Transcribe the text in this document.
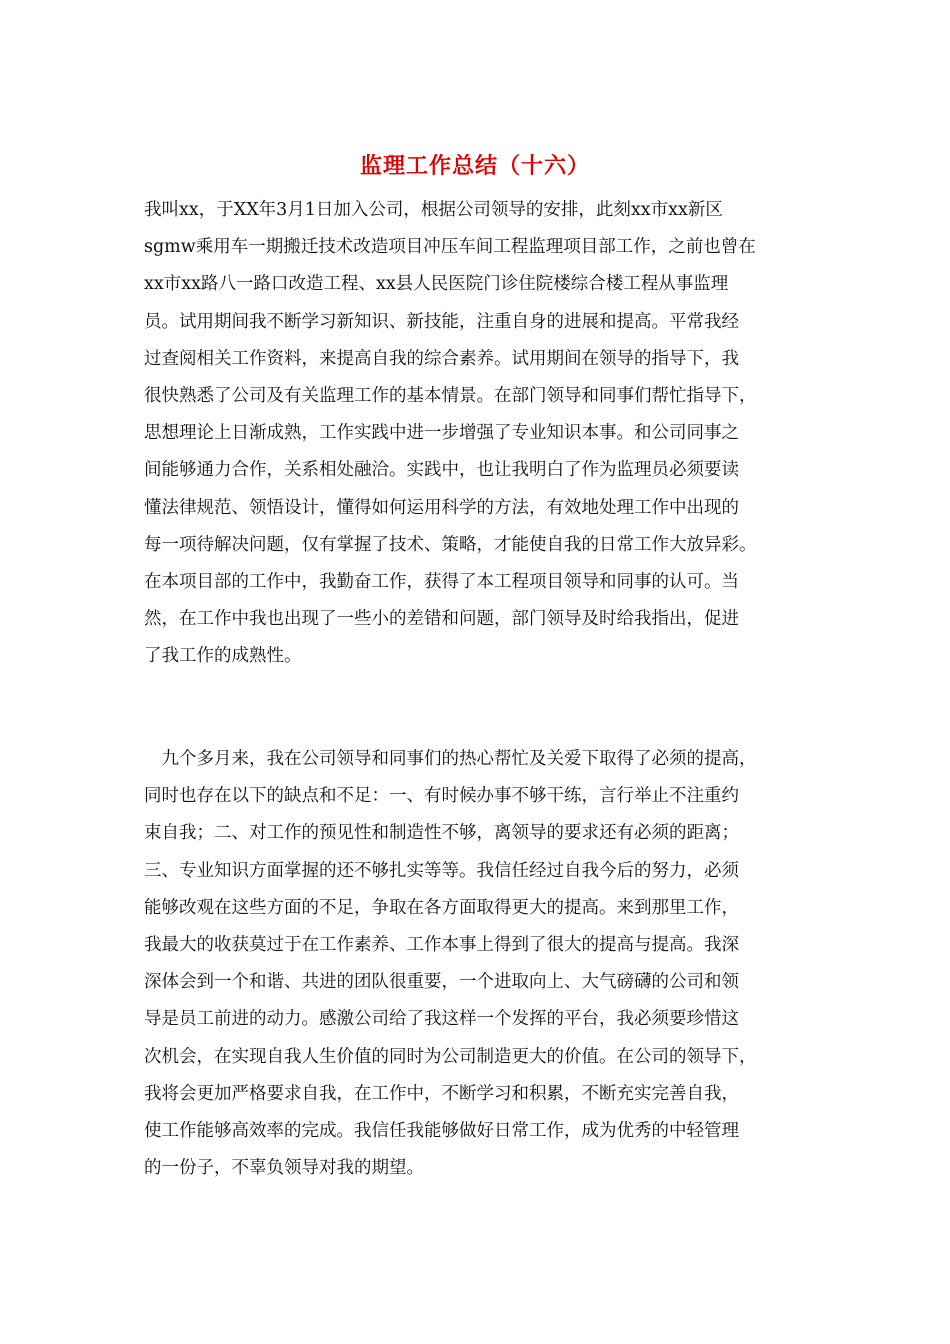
监理工作总结（十六）
我叫xx，于XX年3月1日加入公司，根据公司领导的安排，此刻xx市xx新区
sgmw乘用车一期搬迁技术改造项目冲压车间工程监理项目部工作，之前也曾在
xx市xx路八一路口改造工程、xx县人民医院门诊住院楼综合楼工程从事监理
员。试用期间我不断学习新知识、新技能，注重自身的进展和提高。平常我经
过查阅相关工作资料，来提高自我的综合素养。试用期间在领导的指导下，我
很快熟悉了公司及有关监理工作的基本情景。在部门领导和同事们帮忙指导下，
思想理论上日渐成熟，工作实践中进一步增强了专业知识本事。和公司同事之
间能够通力合作，关系相处融洽。实践中，也让我明白了作为监理员必须要读
懂法律规范、领悟设计，懂得如何运用科学的方法，有效地处理工作中出现的
每一项待解决问题，仅有掌握了技术、策略，才能使自我的日常工作大放异彩。
在本项目部的工作中，我勤奋工作，获得了本工程项目领导和同事的认可。当
然，在工作中我也出现了一些小的差错和问题，部门领导及时给我指出，促进
了我工作的成熟性。
　九个多月来，我在公司领导和同事们的热心帮忙及关爱下取得了必须的提高，
同时也存在以下的缺点和不足：一、有时候办事不够干练，言行举止不注重约
束自我；二、对工作的预见性和制造性不够，离领导的要求还有必须的距离；
三、专业知识方面掌握的还不够扎实等等。我信任经过自我今后的努力，必须
能够改观在这些方面的不足，争取在各方面取得更大的提高。来到那里工作，
我最大的收获莫过于在工作素养、工作本事上得到了很大的提高与提高。我深
深体会到一个和谐、共进的团队很重要，一个进取向上、大气磅礴的公司和领
导是员工前进的动力。感激公司给了我这样一个发挥的平台，我必须要珍惜这
次机会，在实现自我人生价值的同时为公司制造更大的价值。在公司的领导下，
我将会更加严格要求自我，在工作中，不断学习和积累，不断充实完善自我，
使工作能够高效率的完成。我信任我能够做好日常工作，成为优秀的中轻管理
的一份子，不辜负领导对我的期望。
